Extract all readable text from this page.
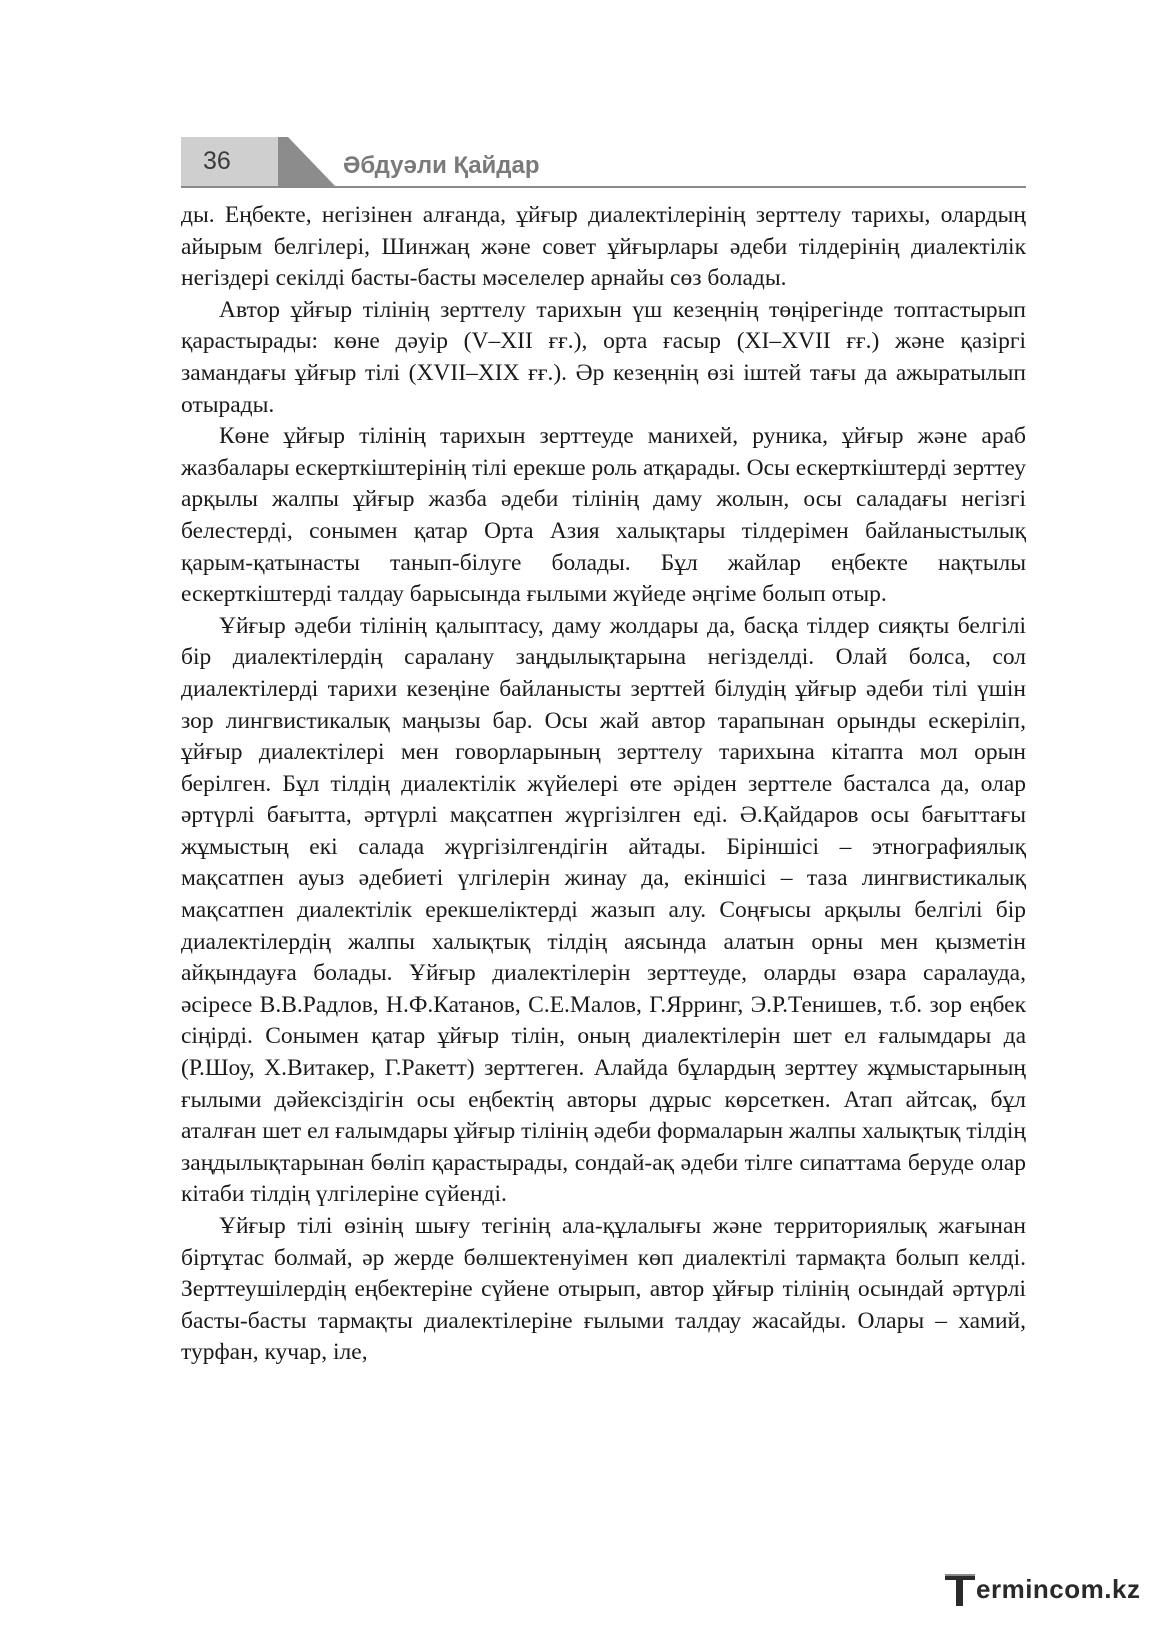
36	Әбдуәли Қайдар

ды. Еңбекте, негізінен алғанда, ұйғыр диалектілерінің зерттелу тарихы, олардың айырым белгілері, Шинжаң және совет ұйғырлары әдеби тілдерінің диалектілік негіздері секілді басты-басты мәселелер арнайы сөз болады.

Автор ұйғыр тілінің зерттелу тарихын үш кезеңнің төңірегінде топтастырып қарастырады: көне дәуір (V–XII ғғ.), орта ғасыр (XI–XVII ғғ.) және қазіргі замандағы ұйғыр тілі (XVII–XIX ғғ.). Әр кезеңнің өзі іштей тағы да ажыратылып отырады.

Көне ұйғыр тілінің тарихын зерттеуде манихей, руника, ұйғыр және араб жазбалары ескерткіштерінің тілі ерекше роль атқарады. Осы ескерткіштерді зерттеу арқылы жалпы ұйғыр жазба әдеби тілінің даму жолын, осы саладағы негізгі белестерді, сонымен қатар Орта Азия халықтары тілдерімен байланыстылық қарым-қатынасты танып-білуге болады. Бұл жайлар еңбекте нақтылы ескерткіштерді талдау барысында ғылыми жүйеде әңгіме болып отыр.

Ұйғыр әдеби тілінің қалыптасу, даму жолдары да, басқа тілдер сияқты белгілі бір диалектілердің саралану заңдылықтарына негізделді. Олай болса, сол диалектілерді тарихи кезеңіне байланысты зерттей білудің ұйғыр әдеби тілі үшін зор лингвистикалық маңызы бар. Осы жай автор тарапынан орынды ескеріліп, ұйғыр диалектілері мен говорларының зерттелу тарихына кітапта мол орын берілген. Бұл тілдің диалектілік жүйелері өте әріден зерттеле басталса да, олар әртүрлі бағытта, әртүрлі мақсатпен жүргізілген еді. Ә.Қайдаров осы бағыттағы жұмыстың екі салада жүргізілгендігін айтады. Біріншісі – этнографиялық мақсатпен ауыз әдебиеті үлгілерін жинау да, екіншісі – таза лингвистикалық мақсатпен диалектілік ерекшеліктерді жазып алу. Соңғысы арқылы белгілі бір диалектілердің жалпы халықтық тілдің аясында алатын орны мен қызметін айқындауға болады. Ұйғыр диалектілерін зерттеуде, оларды өзара саралауда, әсіресе В.В.Радлов, Н.Ф.Катанов, С.Е.Малов, Г.Ярринг, Э.Р.Тенишев, т.б. зор еңбек сіңірді. Сонымен қатар ұйғыр тілін, оның диалектілерін шет ел ғалымдары да (Р.Шоу, Х.Витакер, Г.Ракетт) зерттеген. Алайда бұлардың зерттеу жұмыстарының ғылыми дәйексіздігін осы еңбектің авторы дұрыс көрсеткен. Атап айтсақ, бұл аталған шет ел ғалымдары ұйғыр тілінің әдеби формаларын жалпы халықтық тілдің заңдылықтарынан бөліп қарастырады, сондай-ақ әдеби тілге сипаттама беруде олар кітаби тілдің үлгілеріне сүйенді.

Ұйғыр тілі өзінің шығу тегінің ала-құлалығы және территориялық жағынан біртұтас болмай, әр жерде бөлшектенуімен көп диалектілі тармақта болып келді. Зерттеушілердің еңбектеріне сүйене отырып, автор ұйғыр тілінің осындай әртүрлі басты-басты тармақты диалектілеріне ғылыми талдау жасайды. Олары – хамий, турфан, кучар, іле,

ermincom.kz
